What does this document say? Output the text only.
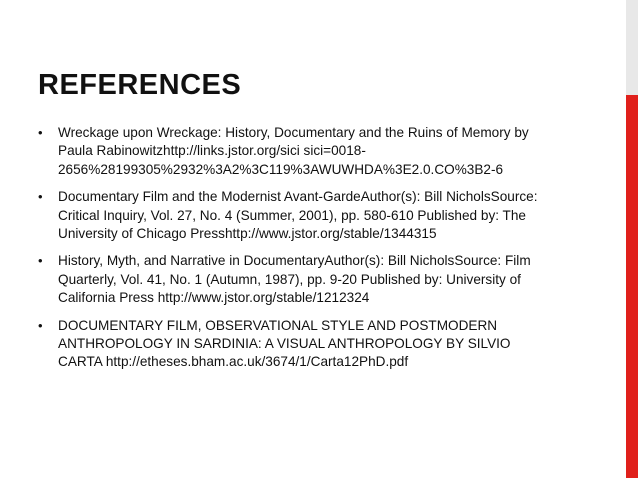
REFERENCES
• Wreckage upon Wreckage: History, Documentary and the Ruins of Memory by Paula Rabinowitzhttp://links.jstor.org/sici sici=0018-2656%28199305%2932%3A2%3C119%3AWUWHDA%3E2.0.CO%3B2-6
• Documentary Film and the Modernist Avant-GardeAuthor(s): Bill NicholsSource: Critical Inquiry, Vol. 27, No. 4 (Summer, 2001), pp. 580-610 Published by: The University of Chicago Presshttp://www.jstor.org/stable/1344315
• History, Myth, and Narrative in DocumentaryAuthor(s): Bill NicholsSource: Film Quarterly, Vol. 41, No. 1 (Autumn, 1987), pp. 9-20 Published by: University of California Press http://www.jstor.org/stable/1212324
• DOCUMENTARY FILM, OBSERVATIONAL STYLE AND POSTMODERN ANTHROPOLOGY IN SARDINIA: A VISUAL ANTHROPOLOGY BY SILVIO CARTA http://etheses.bham.ac.uk/3674/1/Carta12PhD.pdf
